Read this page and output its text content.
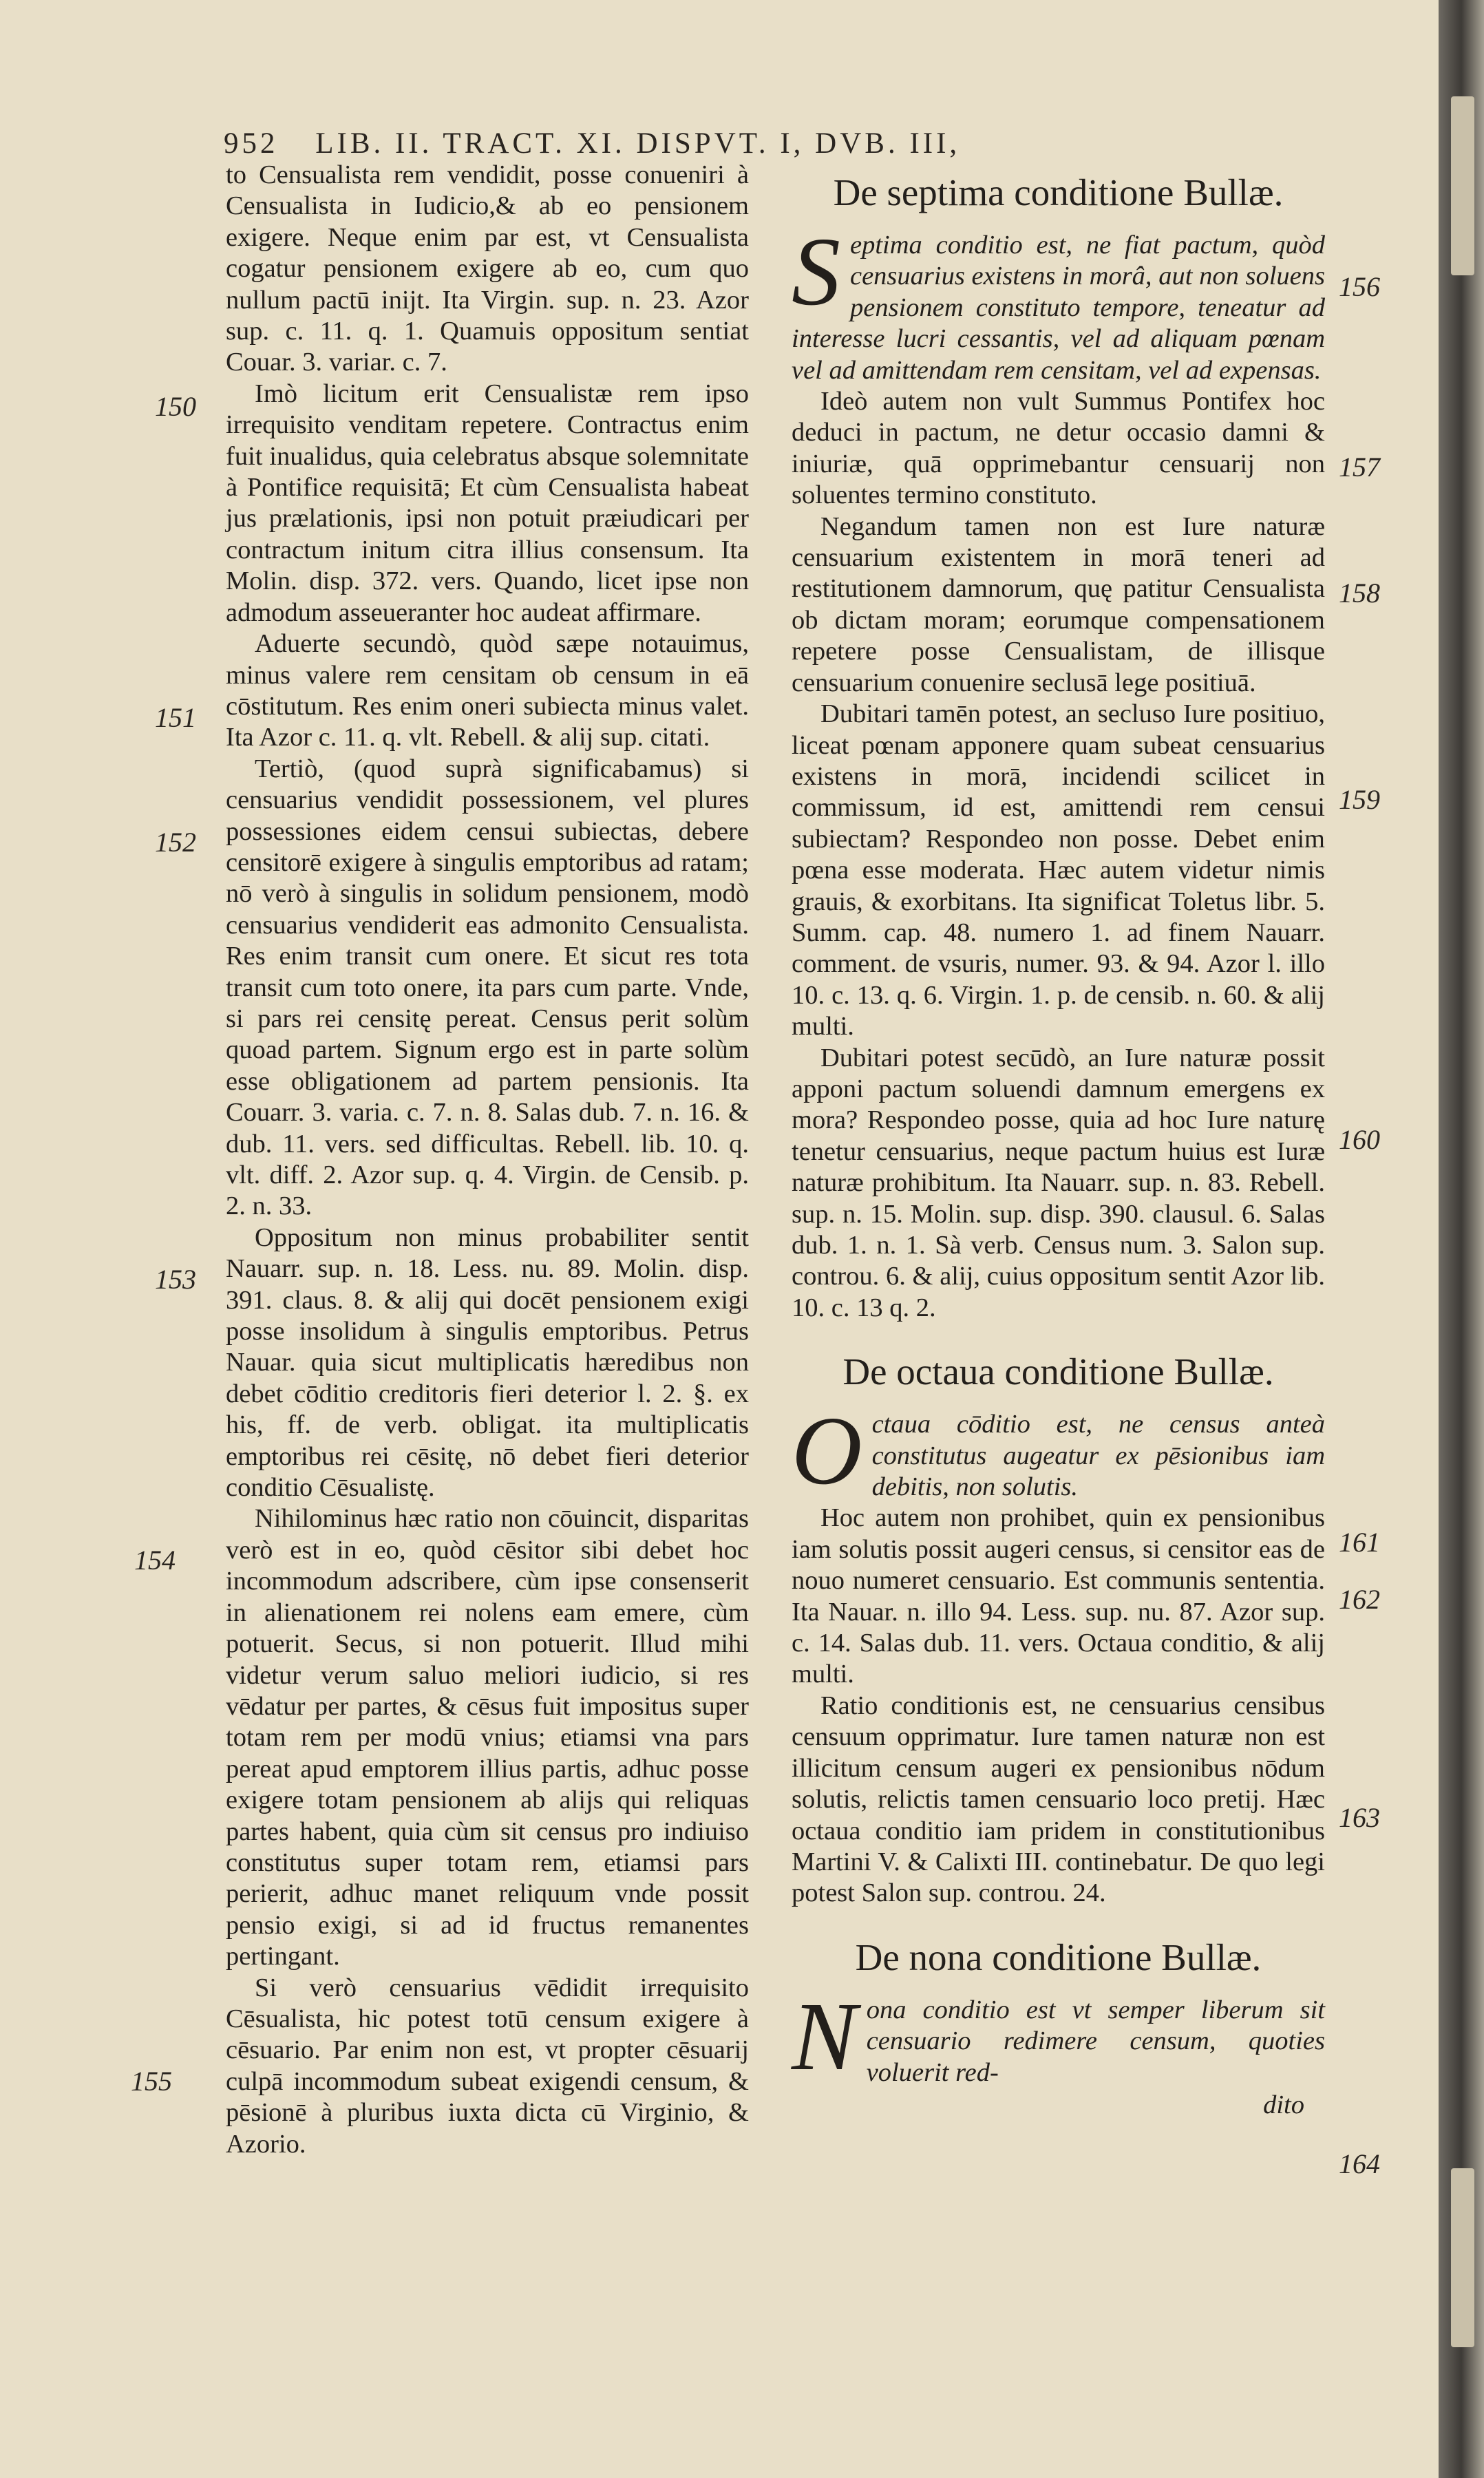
952 LIB. II. TRACT. XI. DISPVT. I, DVB. III,
150
151
152
153
154
155

to Censualista rem vendidit, posse conueniri à Censualista in Iudicio,& ab eo pensionem exigere. Neque enim par est, vt Censualista cogatur pensionem exigere ab eo, cum quo nullum pactū inijt. Ita Virgin. sup. n. 23. Azor sup. c. 11. q. 1. Quamuis oppositum sentiat Couar. 3. variar. c. 7.

Imò licitum erit Censualistæ rem ipso irrequisito venditam repetere. Contractus enim fuit inualidus, quia celebratus absque solemnitate à Pontifice requisitā; Et cùm Censualista habeat jus prælationis, ipsi non potuit præiudicari per contractum initum citra illius consensum. Ita Molin. disp. 372. vers. Quando, licet ipse non admodum asseueranter hoc audeat affirmare.

Aduerte secundò, quòd sæpe notauimus, minus valere rem censitam ob censum in eā cōstitutum. Res enim oneri subiecta minus valet. Ita Azor c. 11. q. vlt. Rebell. & alij sup. citati.

Tertiò, (quod suprà significabamus) si censuarius vendidit possessionem, vel plures possessiones eidem censui subiectas, debere censitorē exigere à singulis emptoribus ad ratam; nō verò à singulis in solidum pensionem, modò censuarius vendiderit eas admonito Censualista. Res enim transit cum onere. Et sicut res tota transit cum toto onere, ita pars cum parte. Vnde, si pars rei censitę pereat. Census perit solùm quoad partem. Signum ergo est in parte solùm esse obligationem ad partem pensionis. Ita Couarr. 3. varia. c. 7. n. 8. Salas dub. 7. n. 16. & dub. 11. vers. sed difficultas. Rebell. lib. 10. q. vlt. diff. 2. Azor sup. q. 4. Virgin. de Censib. p. 2. n. 33.

Oppositum non minus probabiliter sentit Nauarr. sup. n. 18. Less. nu. 89. Molin. disp. 391. claus. 8. & alij qui docēt pensionem exigi posse insolidum à singulis emptoribus. Petrus Nauar. quia sicut multiplicatis hæredibus non debet cōditio creditoris fieri deterior l. 2. §. ex his, ff. de verb. obligat. ita multiplicatis emptoribus rei cēsitę, nō debet fieri deterior conditio Cēsualistę.

Nihilominus hæc ratio non cōuincit, disparitas verò est in eo, quòd cēsitor sibi debet hoc incommodum adscribere, cùm ipse consenserit in alienationem rei nolens eam emere, cùm potuerit. Secus, si non potuerit. Illud mihi videtur verum saluo meliori iudicio, si res vēdatur per partes, & cēsus fuit impositus super totam rem per modū vnius; etiamsi vna pars pereat apud emptorem illius partis, adhuc posse exigere totam pensionem ab alijs qui reliquas partes habent, quia cùm sit census pro indiuiso constitutus super totam rem, etiamsi pars perierit, adhuc manet reliquum vnde possit pensio exigi, si ad id fructus remanentes pertingant.

Si verò censuarius vēdidit irrequisito Cēsualista, hic potest totū censum exigere à cēsuario. Par enim non est, vt propter cēsuarij culpā incommodum subeat exigendi censum, & pēsionē à pluribus iuxta dicta cū Virginio, & Azorio.

156
157
158
159
160
161
162
163
164
De septima conditione Bullæ.

Septima conditio est, ne fiat pactum, quòd censuarius existens in morâ, aut non soluens pensionem constituto tempore, teneatur ad interesse lucri cessantis, vel ad aliquam pœnam vel ad amittendam rem censitam, vel ad expensas.

Ideò autem non vult Summus Pontifex hoc deduci in pactum, ne detur occasio damni & iniuriæ, quā opprimebantur censuarij non soluentes termino constituto.

Negandum tamen non est Iure naturæ censuarium existentem in morā teneri ad restitutionem damnorum, quę patitur Censualista ob dictam moram; eorumque compensationem repetere posse Censualistam, de illisque censuarium conuenire seclusā lege positiuā.

Dubitari tamēn potest, an secluso Iure positiuo, liceat pœnam apponere quam subeat censuarius existens in morā, incidendi scilicet in commissum, id est, amittendi rem censui subiectam? Respondeo non posse. Debet enim pœna esse moderata. Hæc autem videtur nimis grauis, & exorbitans. Ita significat Toletus libr. 5. Summ. cap. 48. numero 1. ad finem Nauarr. comment. de vsuris, numer. 93. & 94. Azor l. illo 10. c. 13. q. 6. Virgin. 1. p. de censib. n. 60. & alij multi.

Dubitari potest secūdò, an Iure naturæ possit apponi pactum soluendi damnum emergens ex mora? Respondeo posse, quia ad hoc Iure naturę tenetur censuarius, neque pactum huius est Iuræ naturæ prohibitum. Ita Nauarr. sup. n. 83. Rebell. sup. n. 15. Molin. sup. disp. 390. clausul. 6. Salas dub. 1. n. 1. Sà verb. Census num. 3. Salon sup. controu. 6. & alij, cuius oppositum sentit Azor lib. 10. c. 13 q. 2.

De octaua conditione Bullæ.

Octaua cōditio est, ne census anteà constitutus augeatur ex pēsionibus iam debitis, non solutis.

Hoc autem non prohibet, quin ex pensionibus iam solutis possit augeri census, si censitor eas de nouo numeret censuario. Est communis sententia. Ita Nauar. n. illo 94. Less. sup. nu. 87. Azor sup. c. 14. Salas dub. 11. vers. Octaua conditio, & alij multi.

Ratio conditionis est, ne censuarius censibus censuum opprimatur. Iure tamen naturæ non est illicitum censum augeri ex pensionibus nōdum solutis, relictis tamen censuario loco pretij. Hæc octaua conditio iam pridem in constitutionibus Martini V. & Calixti III. continebatur. De quo legi potest Salon sup. controu. 24.

De nona conditione Bullæ.

Nona conditio est vt semper liberum sit censuario redimere censum, quoties voluerit red-

dito
